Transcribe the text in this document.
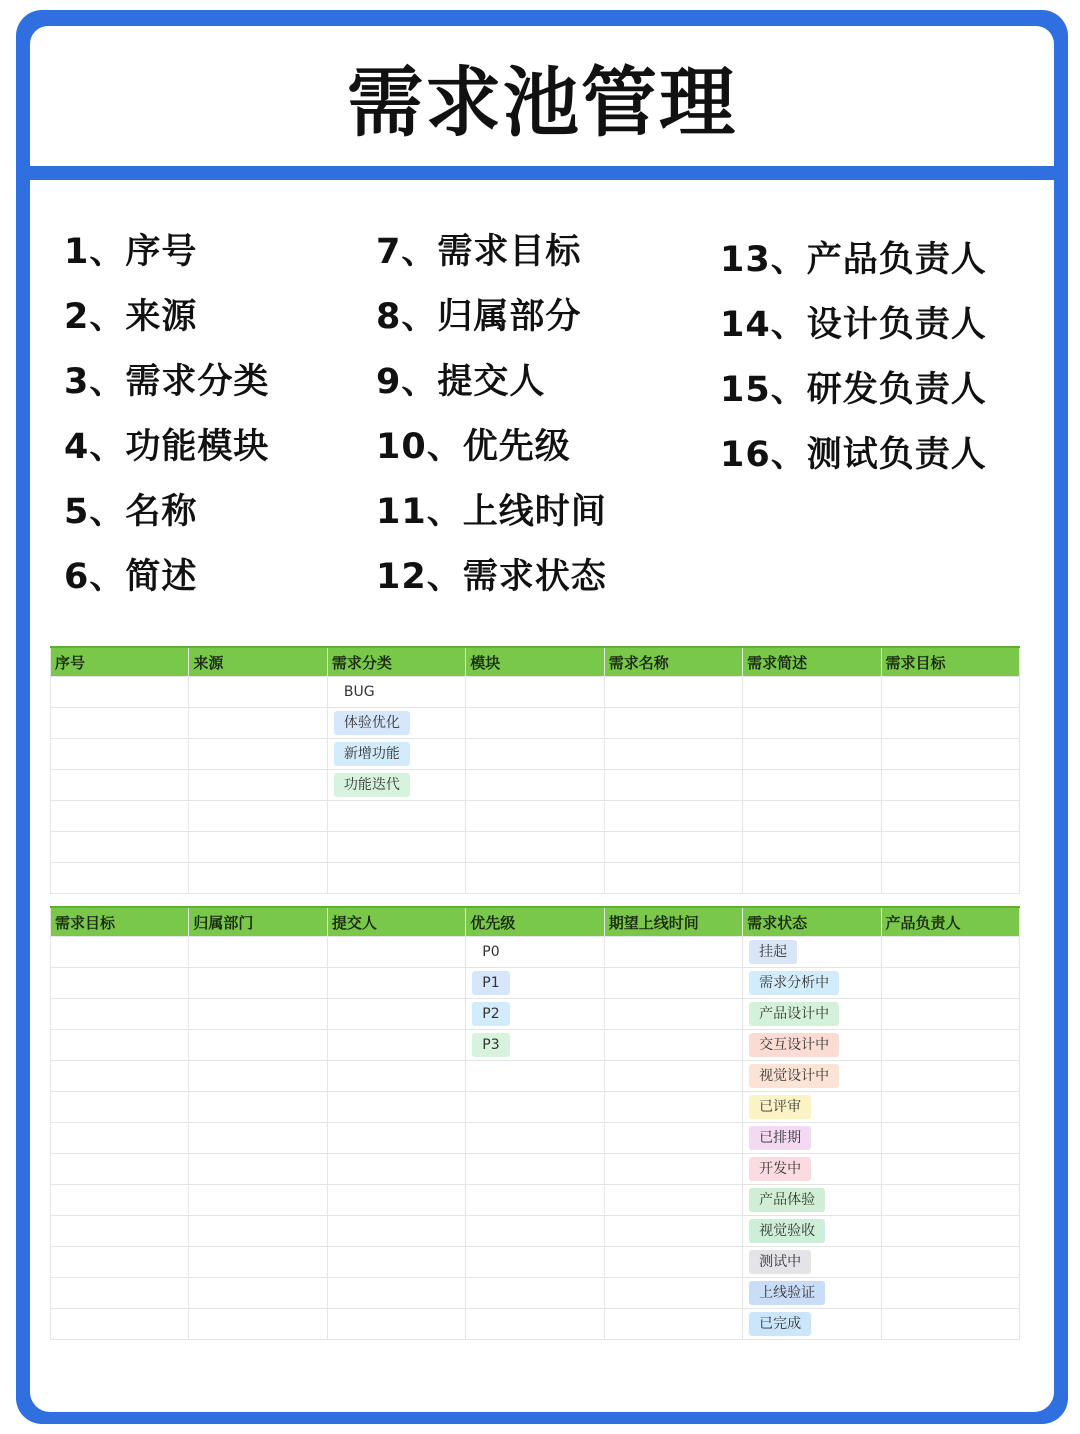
需求池管理
1、序号
2、来源
3、需求分类
4、功能模块
5、名称
6、简述
7、需求目标
8、归属部分
9、提交人
10、优先级
11、上线时间
12、需求状态
13、产品负责人
14、设计负责人
15、研发负责人
16、测试负责人
序号	来源	需求分类	模块	需求名称	需求简述	需求目标
		BUG				
		体验优化				
		新增功能				
		功能迭代				

需求目标	归属部门	提交人	优先级	期望上线时间	需求状态	产品负责人
			P0		挂起	
			P1		需求分析中	
			P2		产品设计中	
			P3		交互设计中	
					视觉设计中	
					已评审	
					已排期	
					开发中	
					产品体验	
					视觉验收	
					测试中	
					上线验证	
					已完成	
